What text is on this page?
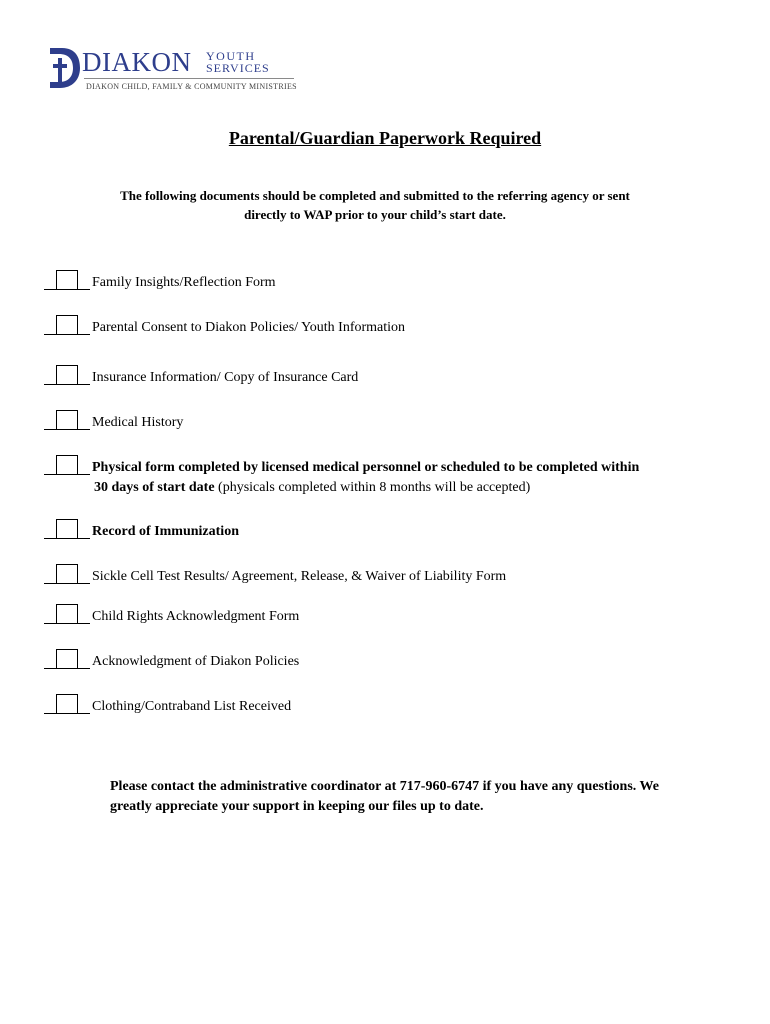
DIAKON YOUTH
SERVICES
DIAKON CHILD, FAMILY & COMMUNITY MINISTRIES
Parental/Guardian Paperwork Required

The following documents should be completed and submitted to the referring agency or sent directly to WAP prior to your child’s start date.

Family Insights/Reflection Form
Parental Consent to Diakon Policies/ Youth Information
Insurance Information/ Copy of Insurance Card
Medical History
Physical form completed by licensed medical personnel or scheduled to be completed within
30 days of start date (physicals completed within 8 months will be accepted)
Record of Immunization
Sickle Cell Test Results/ Agreement, Release, & Waiver of Liability Form
Child Rights Acknowledgment Form
Acknowledgment of Diakon Policies
Clothing/Contraband List Received

Please contact the administrative coordinator at 717-960-6747 if you have any questions. We greatly appreciate your support in keeping our files up to date.
